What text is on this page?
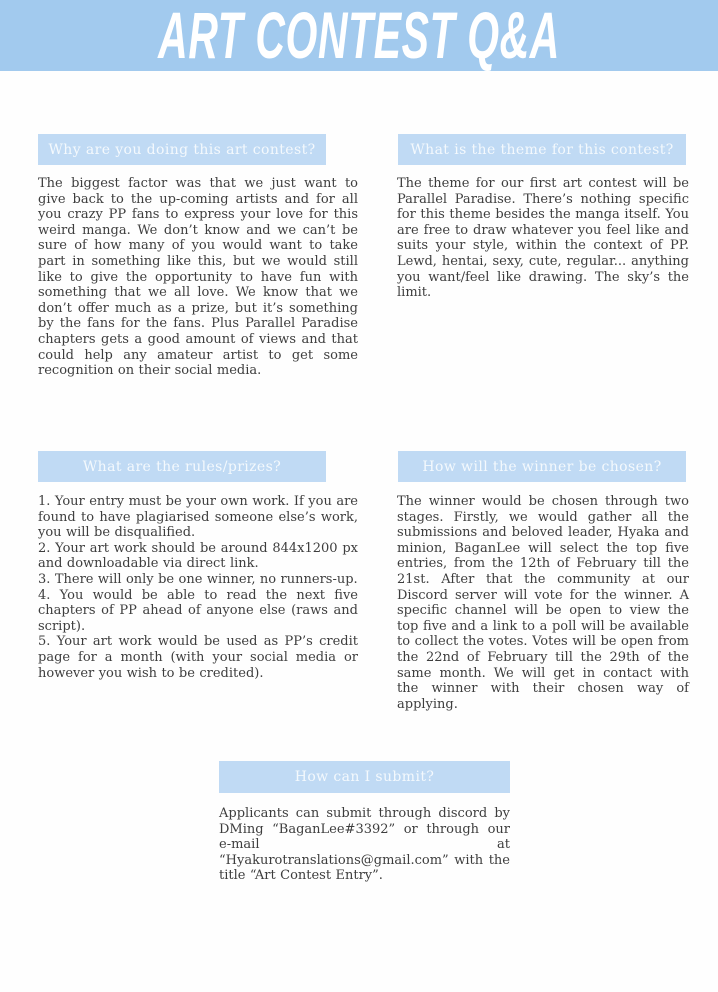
ART CONTEST Q&A
Why are you doing this art contest?
The biggest factor was that we just want to give back to the up-coming artists and for all you crazy PP fans to express your love for this weird manga. We don’t know and we can’t be sure of how many of you would want to take part in something like this, but we would still like to give the opportunity to have fun with something that we all love. We know that we don’t offer much as a prize, but it’s something by the fans for the fans. Plus Parallel Paradise chapters gets a good amount of views and that could help any amateur artist to get some recognition on their social media.
What is the theme for this contest?
The theme for our first art contest will be Parallel Paradise. There’s nothing specific for this theme besides the manga itself. You are free to draw whatever you feel like and suits your style, within the context of PP. Lewd, hentai, sexy, cute, regular... anything you want/feel like drawing. The sky’s the limit.
What are the rules/prizes?

1. Your entry must be your own work. If you are found to have plagiarised someone else’s work, you will be disqualified.

2. Your art work should be around 844x1200 px and downloadable via direct link.

3. There will only be one winner, no runners-up.

4. You would be able to read the next five chapters of PP ahead of anyone else (raws and script).

5. Your art work would be used as PP’s credit page for a month (with your social media or however you wish to be credited).

How will the winner be chosen?
The winner would be chosen through two stages. Firstly, we would gather all the submissions and beloved leader, Hyaka and minion, BaganLee will select the top five entries, from the 12th of February till the 21st. After that the community at our Discord server will vote for the winner. A specific channel will be open to view the top five and a link to a poll will be available to collect the votes. Votes will be open from the 22nd of February till the 29th of the same month. We will get in contact with the winner with their chosen way of applying.
How can I submit?
Applicants can submit through discord by DMing “BaganLee#3392” or through our e-mail at “Hyakurotranslations@gmail.com” with the title “Art Contest Entry”.
